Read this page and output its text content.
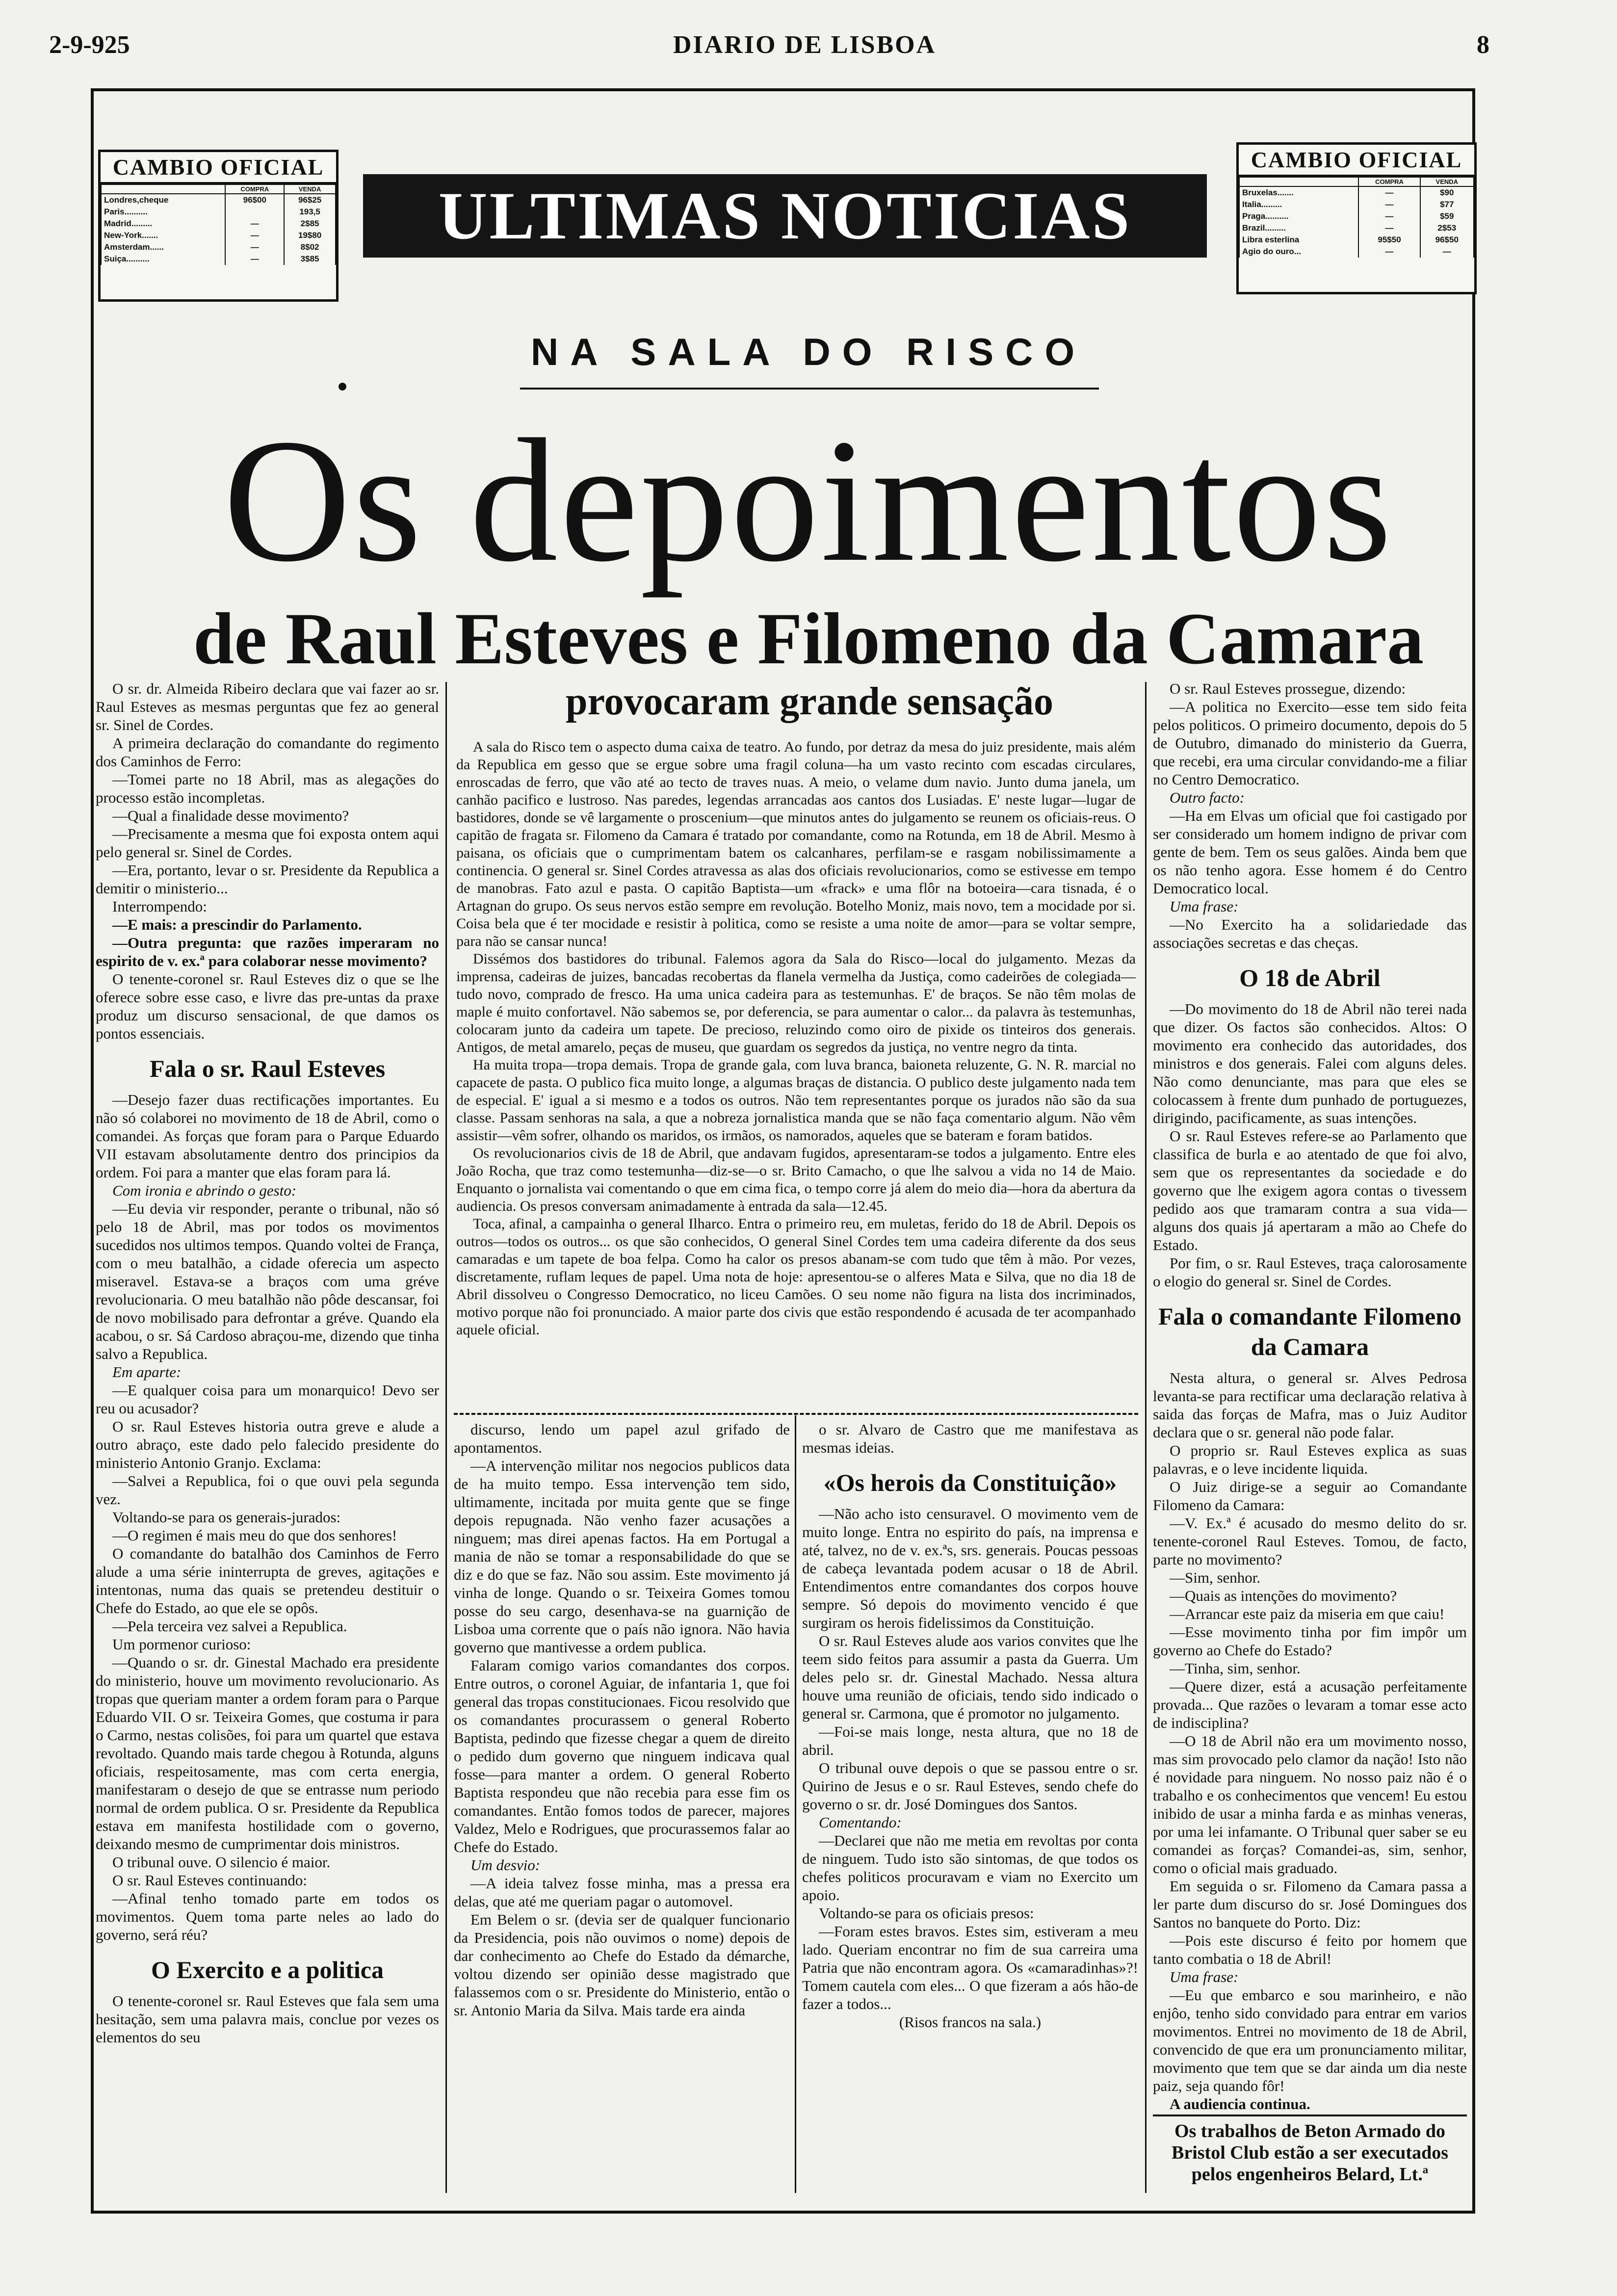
2-9-925	DIARIO DE LISBOA	8
CAMBIO OFICIAL
	COMPRA	VENDA
Londres,cheque	96$00	96$25
Paris..........		193,5
Madrid.........	—	2$85
New-York.......	—	19$80
Amsterdam......	—	8$02
Suiça..........	—	3$85
CAMBIO OFICIAL
	COMPRA	VENDA
Bruxelas.......	—	$90
Italia.........	—	$77
Praga..........	—	$59
Brazil.........	—	2$53
Libra esterlina	95$50	96$50
Agio do ouro...	—	—
ULTIMAS NOTICIAS
NA SALA DO RISCO
Os depoimentos
de Raul Esteves e Filomeno da Camara
provocaram grande sensação

O sr. dr. Almeida Ribeiro declara que vai fazer ao sr. Raul Esteves as mesmas perguntas que fez ao general sr. Sinel de Cordes.

A primeira declaração do comandante do regimento dos Caminhos de Ferro:

—Tomei parte no 18 Abril, mas as alegações do processo estão incompletas.

—Qual a finalidade desse movimento?

—Precisamente a mesma que foi exposta ontem aqui pelo general sr. Sinel de Cordes.

—Era, portanto, levar o sr. Presidente da Republica a demitir o ministerio...

Interrompendo:

—E mais: a prescindir do Parlamento.

—Outra pregunta: que razões imperaram no espirito de v. ex.ª para colaborar nesse movimento?

O tenente-coronel sr. Raul Esteves diz o que se lhe oferece sobre esse caso, e livre das pre-untas da praxe produz um discurso sensacional, de que damos os pontos essenciais.

Fala o sr. Raul Esteves

—Desejo fazer duas rectificações importantes. Eu não só colaborei no movimento de 18 de Abril, como o comandei. As forças que foram para o Parque Eduardo VII estavam absolutamente dentro dos principios da ordem. Foi para a manter que elas foram para lá.

Com ironia e abrindo o gesto:

—Eu devia vir responder, perante o tribunal, não só pelo 18 de Abril, mas por todos os movimentos sucedidos nos ultimos tempos. Quando voltei de França, com o meu batalhão, a cidade oferecia um aspecto miseravel. Estava-se a braços com uma gréve revolucionaria. O meu batalhão não pôde descansar, foi de novo mobilisado para defrontar a gréve. Quando ela acabou, o sr. Sá Cardoso abraçou-me, dizendo que tinha salvo a Republica.

Em aparte:

—E qualquer coisa para um monarquico! Devo ser reu ou acusador?

O sr. Raul Esteves historia outra greve e alude a outro abraço, este dado pelo falecido presidente do ministerio Antonio Granjo. Exclama:

—Salvei a Republica, foi o que ouvi pela segunda vez.

Voltando-se para os generais-jurados:

—O regimen é mais meu do que dos senhores!

O comandante do batalhão dos Caminhos de Ferro alude a uma série ininterrupta de greves, agitações e intentonas, numa das quais se pretendeu destituir o Chefe do Estado, ao que ele se opôs.

—Pela terceira vez salvei a Republica.

Um pormenor curioso:

—Quando o sr. dr. Ginestal Machado era presidente do ministerio, houve um movimento revolucionario. As tropas que queriam manter a ordem foram para o Parque Eduardo VII. O sr. Teixeira Gomes, que costuma ir para o Carmo, nestas colisões, foi para um quartel que estava revoltado. Quando mais tarde chegou à Rotunda, alguns oficiais, respeitosamente, mas com certa energia, manifestaram o desejo de que se entrasse num periodo normal de ordem publica. O sr. Presidente da Republica estava em manifesta hostilidade com o governo, deixando mesmo de cumprimentar dois ministros.

O tribunal ouve. O silencio é maior.

O sr. Raul Esteves continuando:

—Afinal tenho tomado parte em todos os movimentos. Quem toma parte neles ao lado do governo, será réu?

O Exercito e a politica

O tenente-coronel sr. Raul Esteves que fala sem uma hesitação, sem uma palavra mais, conclue por vezes os elementos do seu

A sala do Risco tem o aspecto duma caixa de teatro. Ao fundo, por detraz da mesa do juiz presidente, mais além da Republica em gesso que se ergue sobre uma fragil coluna—ha um vasto recinto com escadas circulares, enroscadas de ferro, que vão até ao tecto de traves nuas. A meio, o velame dum navio. Junto duma janela, um canhão pacifico e lustroso. Nas paredes, legendas arrancadas aos cantos dos Lusiadas. E' neste lugar—lugar de bastidores, donde se vê largamente o proscenium—que minutos antes do julgamento se reunem os oficiais-reus. O capitão de fragata sr. Filomeno da Camara é tratado por comandante, como na Rotunda, em 18 de Abril. Mesmo à paisana, os oficiais que o cumprimentam batem os calcanhares, perfilam-se e rasgam nobilissimamente a continencia. O general sr. Sinel Cordes atravessa as alas dos oficiais revolucionarios, como se estivesse em tempo de manobras. Fato azul e pasta. O capitão Baptista—um «frack» e uma flôr na botoeira—cara tisnada, é o Artagnan do grupo. Os seus nervos estão sempre em revolução. Botelho Moniz, mais novo, tem a mocidade por si. Coisa bela que é ter mocidade e resistir à politica, como se resiste a uma noite de amor—para se voltar sempre, para não se cansar nunca!

Dissémos dos bastidores do tribunal. Falemos agora da Sala do Risco—local do julgamento. Mezas da imprensa, cadeiras de juizes, bancadas recobertas da flanela vermelha da Justiça, como cadeirões de colegiada—tudo novo, comprado de fresco. Ha uma unica cadeira para as testemunhas. E' de braços. Se não têm molas de maple é muito confortavel. Não sabemos se, por deferencia, se para aumentar o calor... da palavra às testemunhas, colocaram junto da cadeira um tapete. De precioso, reluzindo como oiro de pixide os tinteiros dos generais. Antigos, de metal amarelo, peças de museu, que guardam os segredos da justiça, no ventre negro da tinta.

Ha muita tropa—tropa demais. Tropa de grande gala, com luva branca, baioneta reluzente, G. N. R. marcial no capacete de pasta. O publico fica muito longe, a algumas braças de distancia. O publico deste julgamento nada tem de especial. E' igual a si mesmo e a todos os outros. Não tem representantes porque os jurados não são da sua classe. Passam senhoras na sala, a que a nobreza jornalistica manda que se não faça comentario algum. Não vêm assistir—vêm sofrer, olhando os maridos, os irmãos, os namorados, aqueles que se bateram e foram batidos.

Os revolucionarios civis de 18 de Abril, que andavam fugidos, apresentaram-se todos a julgamento. Entre eles João Rocha, que traz como testemunha—diz-se—o sr. Brito Camacho, o que lhe salvou a vida no 14 de Maio. Enquanto o jornalista vai comentando o que em cima fica, o tempo corre já alem do meio dia—hora da abertura da audiencia. Os presos conversam animadamente à entrada da sala—12.45.

Toca, afinal, a campainha o general Ilharco. Entra o primeiro reu, em muletas, ferido do 18 de Abril. Depois os outros—todos os outros... os que são conhecidos, O general Sinel Cordes tem uma cadeira diferente da dos seus camaradas e um tapete de boa felpa. Como ha calor os presos abanam-se com tudo que têm à mão. Por vezes, discretamente, ruflam leques de papel. Uma nota de hoje: apresentou-se o alferes Mata e Silva, que no dia 18 de Abril dissolveu o Congresso Democratico, no liceu Camões. O seu nome não figura na lista dos incriminados, motivo porque não foi pronunciado. A maior parte dos civis que estão respondendo é acusada de ter acompanhado aquele oficial.

discurso, lendo um papel azul grifado de apontamentos.

—A intervenção militar nos negocios publicos data de ha muito tempo. Essa intervenção tem sido, ultimamente, incitada por muita gente que se finge depois repugnada. Não venho fazer acusações a ninguem; mas direi apenas factos. Ha em Portugal a mania de não se tomar a responsabilidade do que se diz e do que se faz. Não sou assim. Este movimento já vinha de longe. Quando o sr. Teixeira Gomes tomou posse do seu cargo, desenhava-se na guarnição de Lisboa uma corrente que o país não ignora. Não havia governo que mantivesse a ordem publica.

Falaram comigo varios comandantes dos corpos. Entre outros, o coronel Aguiar, de infantaria 1, que foi general das tropas constitucionaes. Ficou resolvido que os comandantes procurassem o general Roberto Baptista, pedindo que fizesse chegar a quem de direito o pedido dum governo que ninguem indicava qual fosse—para manter a ordem. O general Roberto Baptista respondeu que não recebia para esse fim os comandantes. Então fomos todos de parecer, majores Valdez, Melo e Rodrigues, que procurassemos falar ao Chefe do Estado.

Um desvio:

—A ideia talvez fosse minha, mas a pressa era delas, que até me queriam pagar o automovel.

Em Belem o sr. (devia ser de qualquer funcionario da Presidencia, pois não ouvimos o nome) depois de dar conhecimento ao Chefe do Estado da démarche, voltou dizendo ser opinião desse magistrado que falassemos com o sr. Presidente do Ministerio, então o sr. Antonio Maria da Silva. Mais tarde era ainda

o sr. Alvaro de Castro que me manifestava as mesmas ideias.

«Os herois da Constituição»

—Não acho isto censuravel. O movimento vem de muito longe. Entra no espirito do país, na imprensa e até, talvez, no de v. ex.ªs, srs. generais. Poucas pessoas de cabeça levantada podem acusar o 18 de Abril. Entendimentos entre comandantes dos corpos houve sempre. Só depois do movimento vencido é que surgiram os herois fidelissimos da Constituição.

O sr. Raul Esteves alude aos varios convites que lhe teem sido feitos para assumir a pasta da Guerra. Um deles pelo sr. dr. Ginestal Machado. Nessa altura houve uma reunião de oficiais, tendo sido indicado o general sr. Carmona, que é promotor no julgamento.

—Foi-se mais longe, nesta altura, que no 18 de abril.

O tribunal ouve depois o que se passou entre o sr. Quirino de Jesus e o sr. Raul Esteves, sendo chefe do governo o sr. dr. José Domingues dos Santos.

Comentando:

—Declarei que não me metia em revoltas por conta de ninguem. Tudo isto são sintomas, de que todos os chefes politicos procuravam e viam no Exercito um apoio.

Voltando-se para os oficiais presos:

—Foram estes bravos. Estes sim, estiveram a meu lado. Queriam encontrar no fim de sua carreira uma Patria que não encontram agora. Os «camaradinhas»?! Tomem cautela com eles... O que fizeram a aós hão-de fazer a todos...

(Risos francos na sala.)

O sr. Raul Esteves prossegue, dizendo:

—A politica no Exercito—esse tem sido feita pelos politicos. O primeiro documento, depois do 5 de Outubro, dimanado do ministerio da Guerra, que recebi, era uma circular convidando-me a filiar no Centro Democratico.

Outro facto:

—Ha em Elvas um oficial que foi castigado por ser considerado um homem indigno de privar com gente de bem. Tem os seus galões. Ainda bem que os não tenho agora. Esse homem é do Centro Democratico local.

Uma frase:

—No Exercito ha a solidariedade das associações secretas e das cheças.

O 18 de Abril

—Do movimento do 18 de Abril não terei nada que dizer. Os factos são conhecidos. Altos: O movimento era conhecido das autoridades, dos ministros e dos generais. Falei com alguns deles. Não como denunciante, mas para que eles se colocassem à frente dum punhado de portuguezes, dirigindo, pacificamente, as suas intenções.

O sr. Raul Esteves refere-se ao Parlamento que classifica de burla e ao atentado de que foi alvo, sem que os representantes da sociedade e do governo que lhe exigem agora contas o tivessem pedido aos que tramaram contra a sua vida—alguns dos quais já apertaram a mão ao Chefe do Estado.

Por fim, o sr. Raul Esteves, traça calorosamente o elogio do general sr. Sinel de Cordes.

Fala o comandante Filomeno da Camara

Nesta altura, o general sr. Alves Pedrosa levanta-se para rectificar uma declaração relativa à saida das forças de Mafra, mas o Juiz Auditor declara que o sr. general não pode falar.

O proprio sr. Raul Esteves explica as suas palavras, e o leve incidente liquida.

O Juiz dirige-se a seguir ao Comandante Filomeno da Camara:

—V. Ex.ª é acusado do mesmo delito do sr. tenente-coronel Raul Esteves. Tomou, de facto, parte no movimento?

—Sim, senhor.

—Quais as intenções do movimento?

—Arrancar este paiz da miseria em que caiu!

—Esse movimento tinha por fim impôr um governo ao Chefe do Estado?

—Tinha, sim, senhor.

—Quere dizer, está a acusação perfeitamente provada... Que razões o levaram a tomar esse acto de indisciplina?

—O 18 de Abril não era um movimento nosso, mas sim provocado pelo clamor da nação! Isto não é novidade para ninguem. No nosso paiz não é o trabalho e os conhecimentos que vencem! Eu estou inibido de usar a minha farda e as minhas veneras, por uma lei infamante. O Tribunal quer saber se eu comandei as forças? Comandei-as, sim, senhor, como o oficial mais graduado.

Em seguida o sr. Filomeno da Camara passa a ler parte dum discurso do sr. José Domingues dos Santos no banquete do Porto. Diz:

—Pois este discurso é feito por homem que tanto combatia o 18 de Abril!

Uma frase:

—Eu que embarco e sou marinheiro, e não enjôo, tenho sido convidado para entrar em varios movimentos. Entrei no movimento de 18 de Abril, convencido de que era um pronunciamento militar, movimento que tem que se dar ainda um dia neste paiz, seja quando fôr!

A audiencia continua.

Os trabalhos de Beton Armado do Bristol Club estão a ser executados pelos engenheiros Belard, Lt.ª
